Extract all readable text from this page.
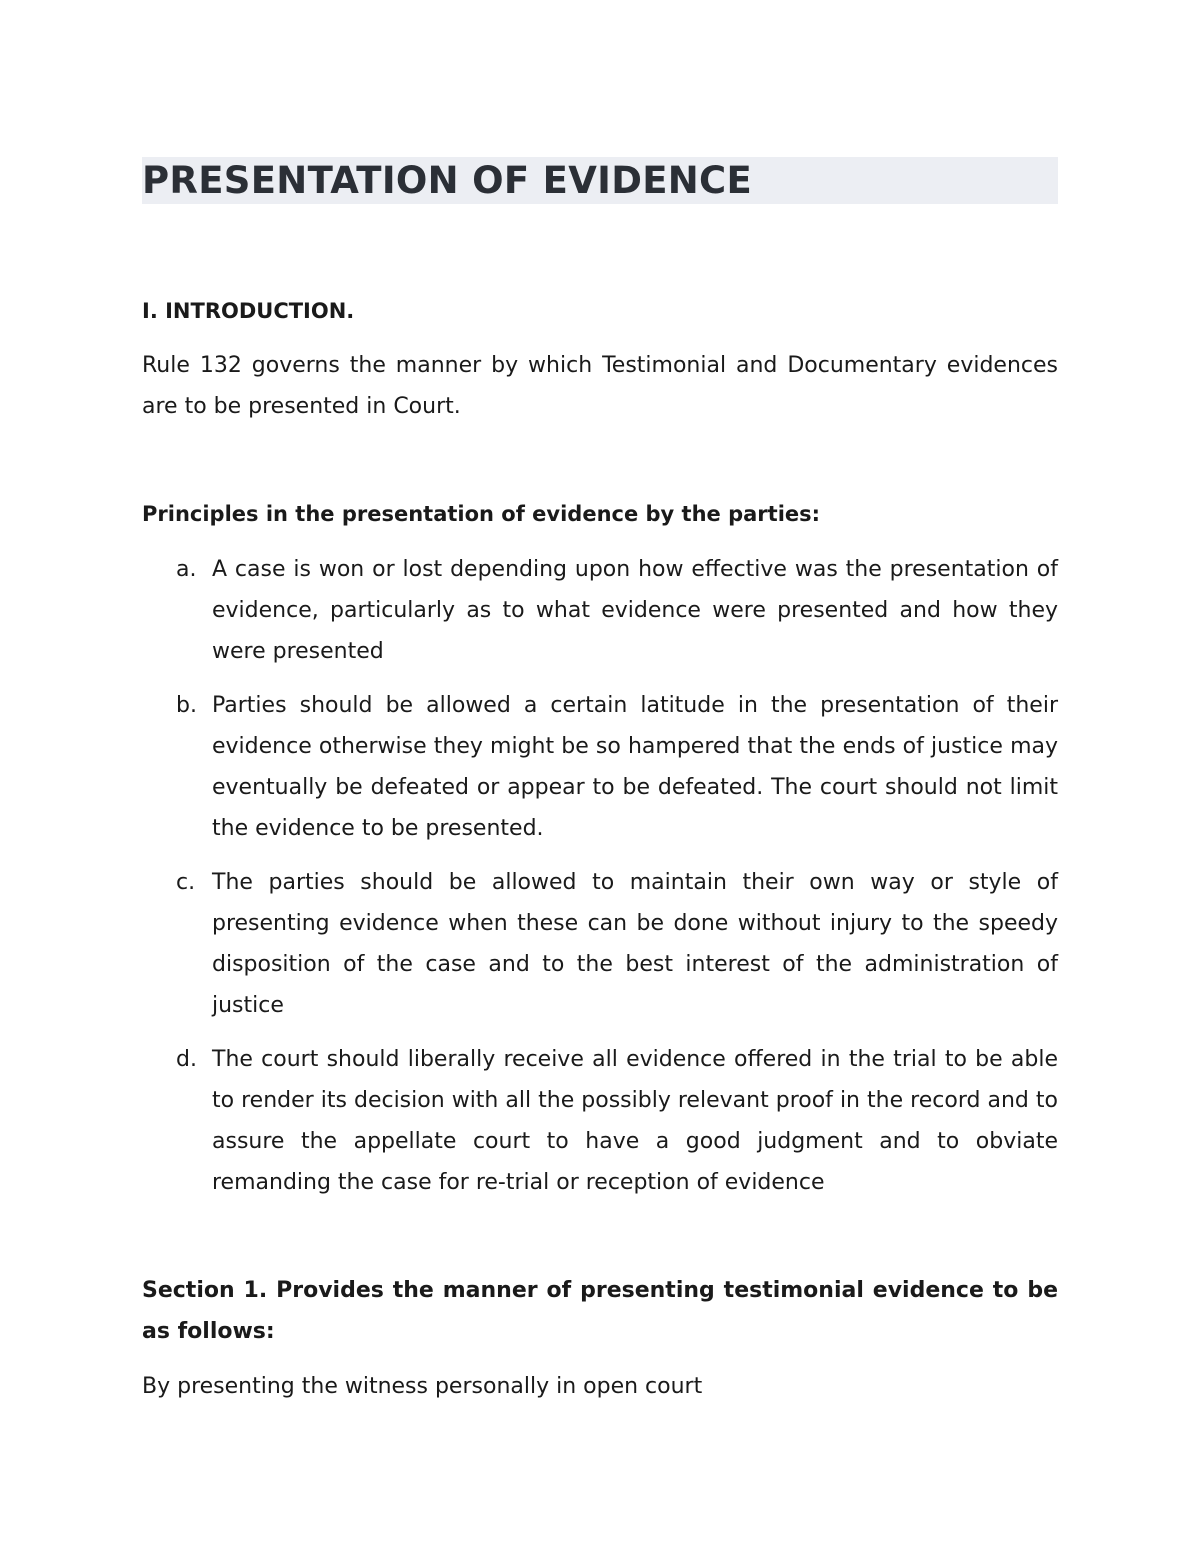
PRESENTATION OF EVIDENCE
I. INTRODUCTION.
Rule 132 governs the manner by which Testimonial and Documentary evidences are to be presented in Court.
Principles in the presentation of evidence by the parties:
a. A case is won or lost depending upon how effective was the presentation of evidence, particularly as to what evidence were presented and how they were presented
b. Parties should be allowed a certain latitude in the presentation of their evidence otherwise they might be so hampered that the ends of justice may eventually be defeated or appear to be defeated. The court should not limit the evidence to be presented.
c. The parties should be allowed to maintain their own way or style of presenting evidence when these can be done without injury to the speedy disposition of the case and to the best interest of the administration of justice
d. The court should liberally receive all evidence offered in the trial to be able to render its decision with all the possibly relevant proof in the record and to assure the appellate court to have a good judgment and to obviate remanding the case for re-trial or reception of evidence
Section 1. Provides the manner of presenting testimonial evidence to be as follows:
By presenting the witness personally in open court
